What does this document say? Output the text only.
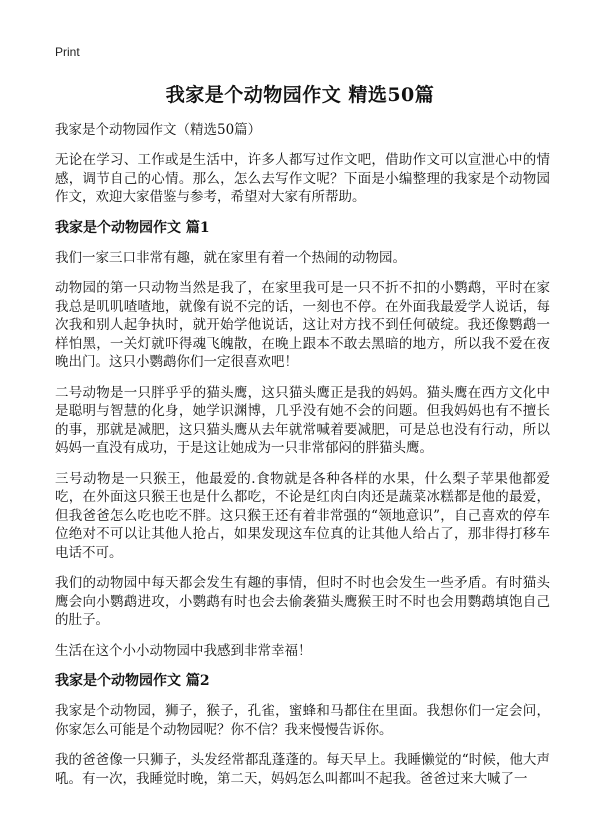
Print
我家是个动物园作文 精选50篇
我家是个动物园作文（精选50篇）
无论在学习、工作或是生活中，许多人都写过作文吧，借助作文可以宣泄心中的情感，调节自己的心情。那么，怎么去写作文呢？下面是小编整理的我家是个动物园作文，欢迎大家借鉴与参考，希望对大家有所帮助。
我家是个动物园作文 篇1
我们一家三口非常有趣，就在家里有着一个热闹的动物园。
动物园的第一只动物当然是我了，在家里我可是一只不折不扣的小鹦鹉，平时在家我总是叽叽喳喳地，就像有说不完的话，一刻也不停。在外面我最爱学人说话，每次我和别人起争执时，就开始学他说话，这让对方找不到任何破绽。我还像鹦鹉一样怕黑，一关灯就吓得魂飞魄散，在晚上跟本不敢去黑暗的地方，所以我不爱在夜晚出门。这只小鹦鹉你们一定很喜欢吧！
二号动物是一只胖乎乎的猫头鹰，这只猫头鹰正是我的妈妈。猫头鹰在西方文化中是聪明与智慧的化身，她学识渊博，几乎没有她不会的问题。但我妈妈也有不擅长的事，那就是减肥，这只猫头鹰从去年就常喊着要减肥，可是总也没有行动，所以妈妈一直没有成功，于是这让她成为一只非常郁闷的胖猫头鹰。
三号动物是一只猴王，他最爱的.食物就是各种各样的水果，什么梨子苹果他都爱吃，在外面这只猴王也是什么都吃，不论是红肉白肉还是蔬菜冰糕都是他的最爱，但我爸爸怎么吃也吃不胖。这只猴王还有着非常强的“领地意识”，自己喜欢的停车位绝对不可以让其他人抢占，如果发现这车位真的让其他人给占了，那非得打移车电话不可。
我们的动物园中每天都会发生有趣的事情，但时不时也会发生一些矛盾。有时猫头鹰会向小鹦鹉进攻，小鹦鹉有时也会去偷袭猫头鹰猴王时不时也会用鹦鹉填饱自己的肚子。
生活在这个小小动物园中我感到非常幸福！
我家是个动物园作文 篇2
我家是个动物园，狮子，猴子，孔雀，蜜蜂和马都住在里面。我想你们一定会问，你家怎么可能是个动物园呢？你不信？我来慢慢告诉你。
我的爸爸像一只狮子，头发经常都乱蓬蓬的。每天早上。我睡懒觉的“时候，他大声吼。有一次，我睡觉时晚，第二天，妈妈怎么叫都叫不起我。爸爸过来大喊了一
